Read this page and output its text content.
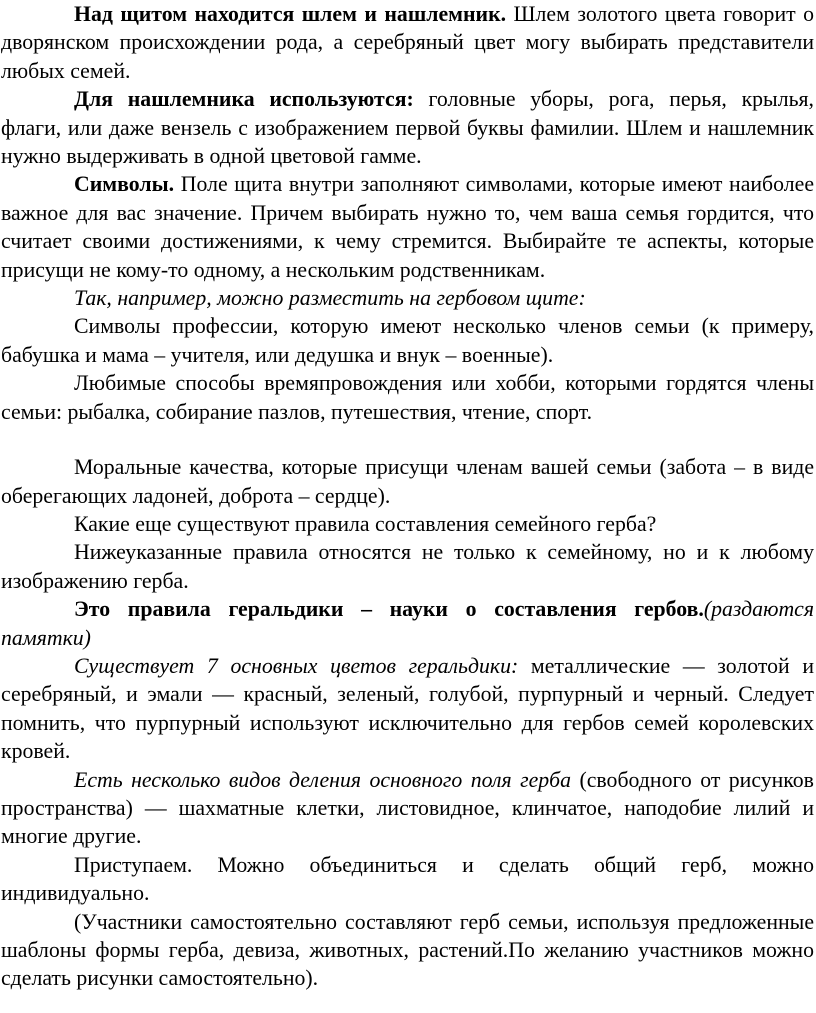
Над щитом находится шлем и нашлемник. Шлем золотого цвета говорит о дворянском происхождении рода, а серебряный цвет могу выбирать представители любых семей.

Для нашлемника используются: головные уборы, рога, перья, крылья, флаги, или даже вензель с изображением первой буквы фамилии. Шлем и нашлемник нужно выдерживать в одной цветовой гамме.

Символы. Поле щита внутри заполняют символами, которые имеют наиболее важное для вас значение. Причем выбирать нужно то, чем ваша семья гордится, что считает своими достижениями, к чему стремится. Выбирайте те аспекты, которые присущи не кому-то одному, а нескольким родственникам.

Так, например, можно разместить на гербовом щите:

Символы профессии, которую имеют несколько членов семьи (к примеру, бабушка и мама – учителя, или дедушка и внук – военные).

Любимые способы времяпровождения или хобби, которыми гордятся члены семьи: рыбалка, собирание пазлов, путешествия, чтение, спорт.

Моральные качества, которые присущи членам вашей семьи (забота – в виде оберегающих ладоней, доброта – сердце).

Какие еще существуют правила составления семейного герба?

Нижеуказанные правила относятся не только к семейному, но и к любому изображению герба.

Это правила геральдики – науки о составления гербов.(раздаются памятки)

Существует 7 основных цветов геральдики: металлические — золотой и серебряный, и эмали — красный, зеленый, голубой, пурпурный и черный. Следует помнить, что пурпурный используют исключительно для гербов семей королевских кровей.

Есть несколько видов деления основного поля герба (свободного от рисунков пространства) — шахматные клетки, листовидное, клинчатое, наподобие лилий и многие другие.

Приступаем. Можно объединиться и сделать общий герб, можно индивидуально.

(Участники самостоятельно составляют герб семьи, используя предложенные шаблоны формы герба, девиза, животных, растений.По желанию участников можно сделать рисунки самостоятельно).
